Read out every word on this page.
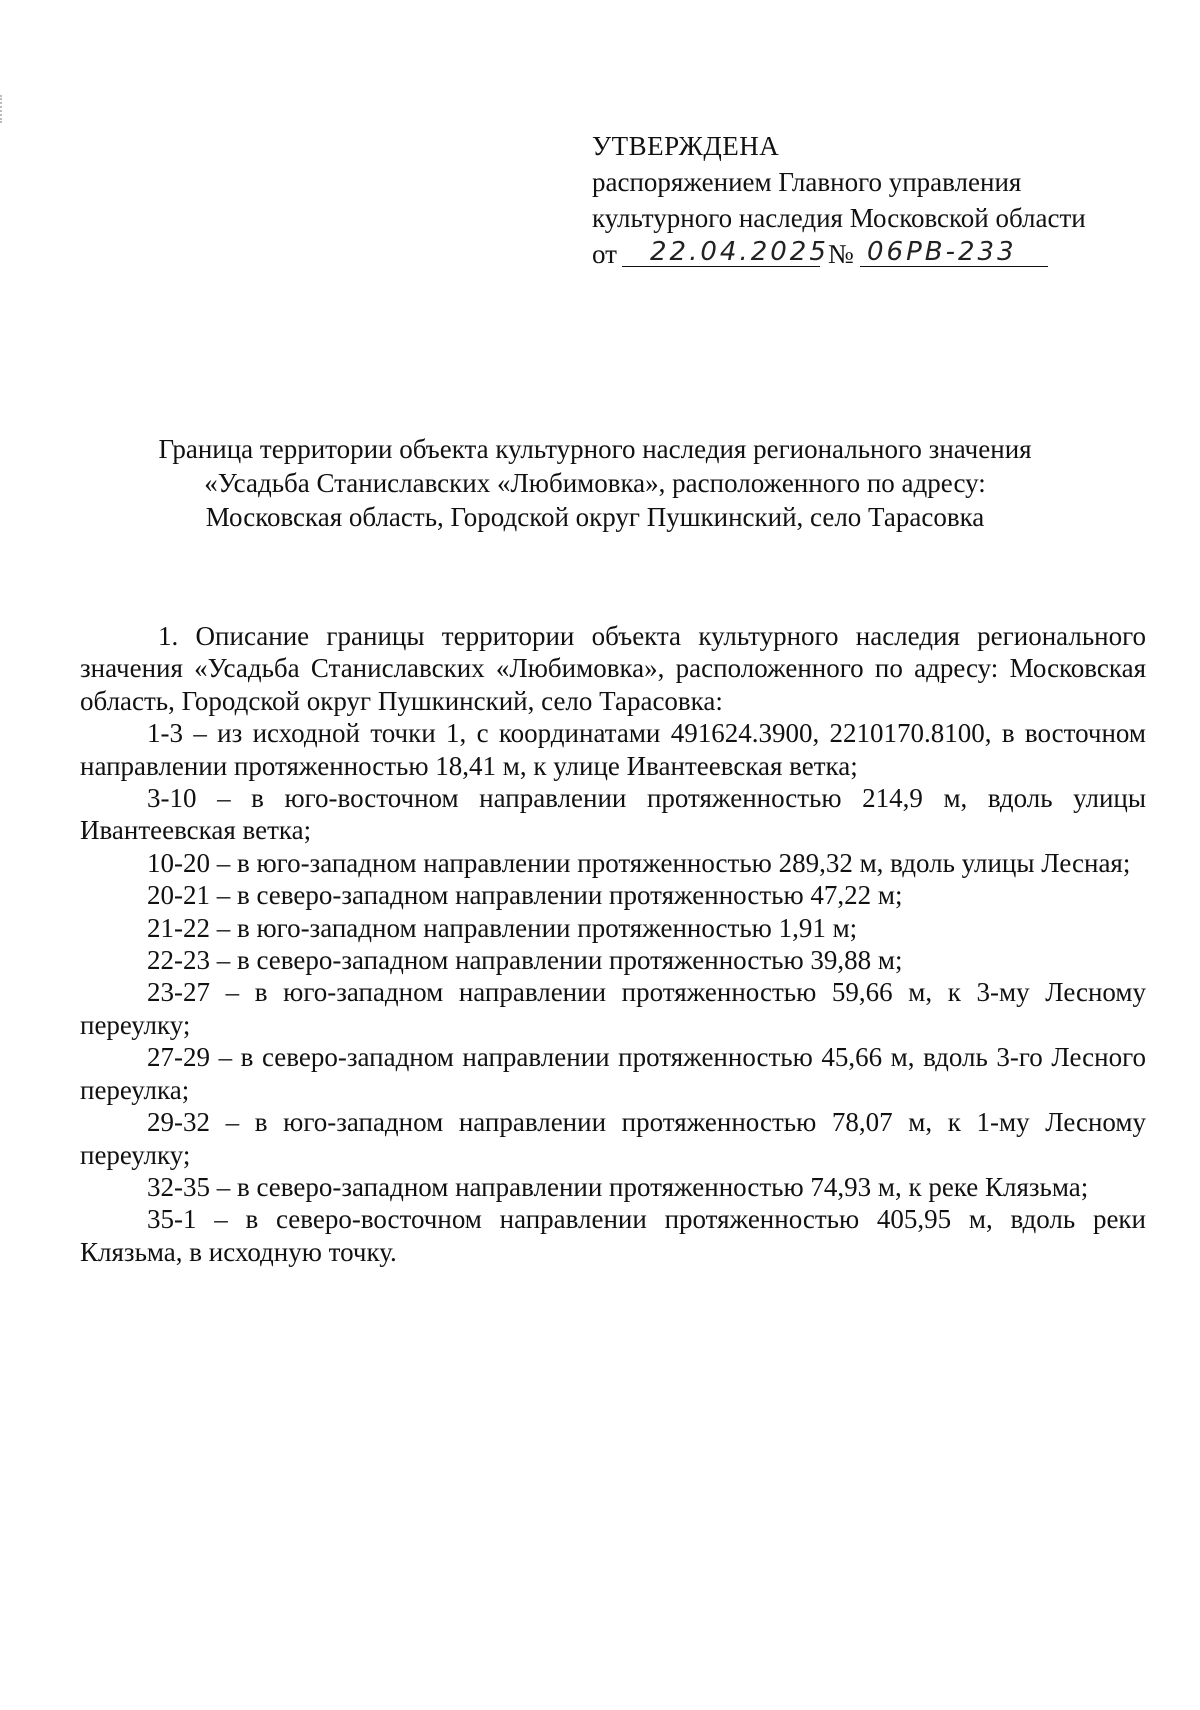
УТВЕРЖДЕНА
распоряжением Главного управления
культурного наследия Московской области
от 22.04.2025 № 06РВ-233
Граница территории объекта культурного наследия регионального значения
«Усадьба Станиславских «Любимовка», расположенного по адресу:
Московская область, Городской округ Пушкинский, село Тарасовка

1. Описание границы территории объекта культурного наследия регионального значения «Усадьба Станиславских «Любимовка», расположенного по адресу: Московская область, Городской округ Пушкинский, село Тарасовка:

1-3 – из исходной точки 1, с координатами 491624.3900, 2210170.8100, в восточном направлении протяженностью 18,41 м, к улице Ивантеевская ветка;

3-10 – в юго-восточном направлении протяженностью 214,9 м, вдоль улицы Ивантеевская ветка;

10-20 – в юго-западном направлении протяженностью 289,32 м, вдоль улицы Лесная;

20-21 – в северо-западном направлении протяженностью 47,22 м;

21-22 – в юго-западном направлении протяженностью 1,91 м;

22-23 – в северо-западном направлении протяженностью 39,88 м;

23-27 – в юго-западном направлении протяженностью 59,66 м, к 3-му Лесному переулку;

27-29 – в северо-западном направлении протяженностью 45,66 м, вдоль 3-го Лесного переулка;

29-32 – в юго-западном направлении протяженностью 78,07 м, к 1-му Лесному переулку;

32-35 – в северо-западном направлении протяженностью 74,93 м, к реке Клязьма;

35-1 – в северо-восточном направлении протяженностью 405,95 м, вдоль реки Клязьма, в исходную точку.
